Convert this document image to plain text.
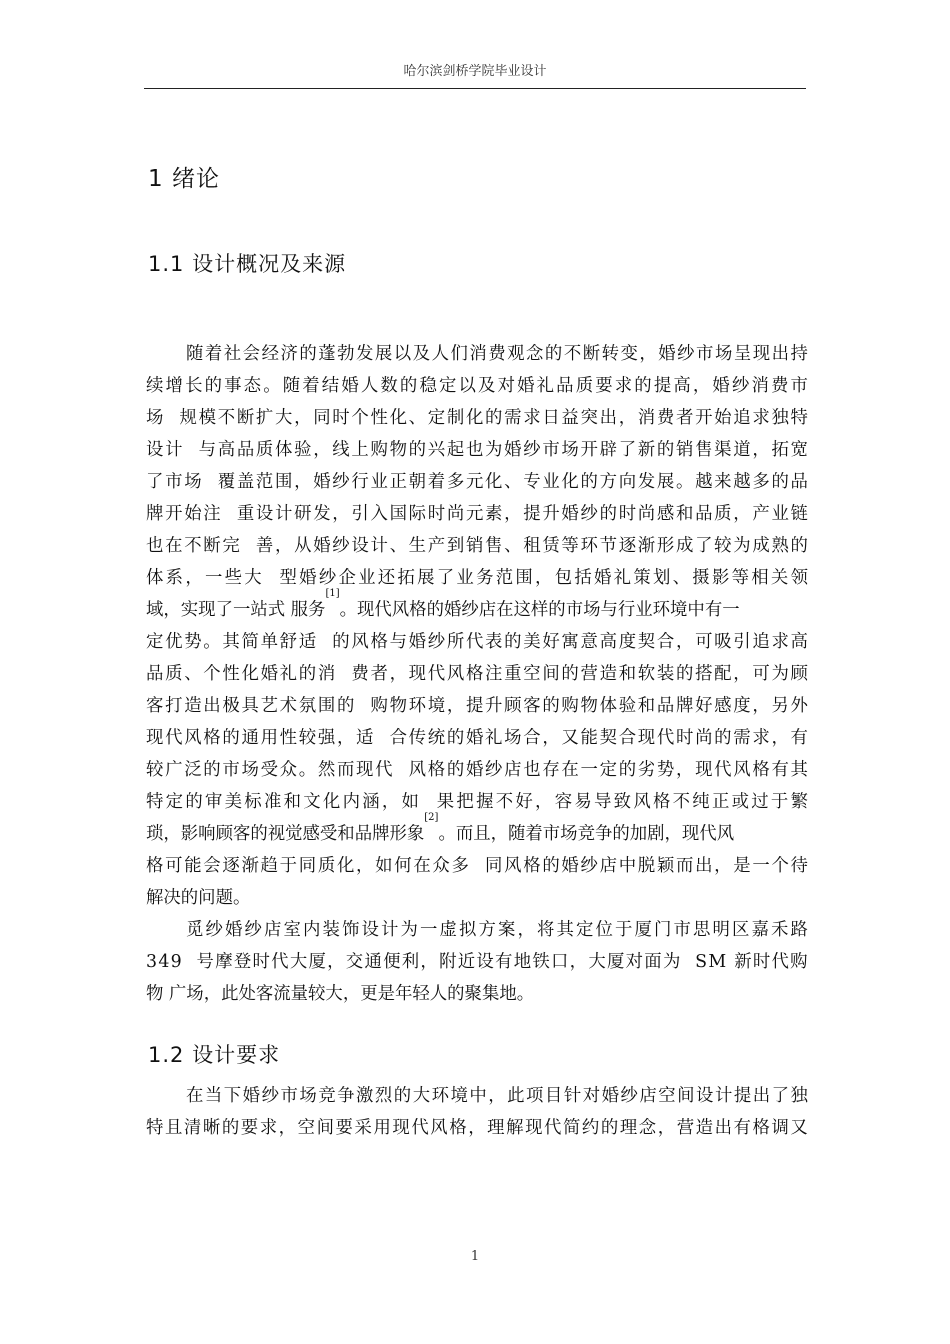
哈尔滨剑桥学院毕业设计
1 绪论
1.1 设计概况及来源
随 着 社 会 经 济 的 蓬 勃 发 展 以 及 人 们 消 费 观 念 的 不 断 转 变 ， 婚 纱 市 场 呈 现 出 持
续 增 长 的 事 态 。 随 着 结 婚 人 数 的 稳 定 以 及 对 婚 礼 品 质 要 求 的 提 高 ， 婚 纱 消 费 市
场

规 模 不 断 扩 大 ， 同 时 个 性 化 、 定 制 化 的 需 求 日 益 突 出 ， 消 费 者 开 始 追 求 独 特
设 计

与 高 品 质 体 验 ， 线 上 购 物 的 兴 起 也 为 婚 纱 市 场 开 辟 了 新 的 销 售 渠 道 ， 拓 宽
了 市 场

覆 盖 范 围 ， 婚 纱 行 业 正 朝 着 多 元 化 、 专 业 化 的 方 向 发 展 。 越 来 越 多 的 品
牌 开 始 注

重 设 计 研 发 ， 引 入 国 际 时 尚 元 素 ， 提 升 婚 纱 的 时 尚 感 和 品 质 ， 产 业 链
也 在 不 断 完

善 ， 从 婚 纱 设 计 、 生 产 到 销 售 、 租 赁 等 环 节 逐 渐 形 成 了 较 为 成 熟 的
体 系 ， 一 些 大

型 婚 纱 企 业 还 拓 展 了 业 务 范 围 ， 包 括 婚 礼 策 划 、 摄 影 等 相 关 领
域，实现了一站式 服务
[1]
。现代风格的婚纱店在这样的市场与行业环境中有一
定 优 势 。 其 简 单 舒 适

的 风 格 与 婚 纱 所 代 表 的 美 好 寓 意 高 度 契 合 ， 可 吸 引 追 求 高
品 质 、 个 性 化 婚 礼 的 消

费 者 ， 现 代 风 格 注 重 空 间 的 营 造 和 软 装 的 搭 配 ， 可 为 顾
客 打 造 出 极 具 艺 术 氛 围 的

购 物 环 境 ， 提 升 顾 客 的 购 物 体 验 和 品 牌 好 感 度 ， 另 外
现 代 风 格 的 通 用 性 较 强 ， 适

合 传 统 的 婚 礼 场 合 ， 又 能 契 合 现 代 时 尚 的 需 求 ， 有
较 广 泛 的 市 场 受 众 。 然 而 现 代

风 格 的 婚 纱 店 也 存 在 一 定 的 劣 势 ， 现 代 风 格 有 其
特 定 的 审 美 标 准 和 文 化 内 涵 ， 如

果 把 握 不 好 ， 容 易 导 致 风 格 不 纯 正 或 过 于 繁
琐，影响顾客的视觉感受和品牌形象
[2]
。而且，随着市场竞争的加剧，现代风
格 可 能 会 逐 渐 趋 于 同 质 化 ， 如 何 在 众 多

同 风 格 的 婚 纱 店 中 脱 颖 而 出 ， 是 一 个 待
解决的问题。
觅 纱 婚 纱 店 室 内 装 饰 设 计 为 一 虚 拟 方 案 ， 将 其 定 位 于 厦 门 市 思 明 区 嘉 禾 路
3 4 9

号 摩 登 时 代 大 厦 ， 交 通 便 利 ， 附 近 设 有 地 铁 口 ， 大 厦 对 面 为

S M
新 时 代 购
物 广场，此处客流量较大，更是年轻人的聚集地。
1.2 设计要求
在 当 下 婚 纱 市 场 竞 争 激 烈 的 大 环 境 中 ， 此 项 目 针 对 婚 纱 店 空 间 设 计 提 出 了 独
特 且 清 晰 的 要 求 ， 空 间 要 采 用 现 代 风 格 ， 理 解 现 代 简 约 的 理 念 ， 营 造 出 有 格 调 又
1
